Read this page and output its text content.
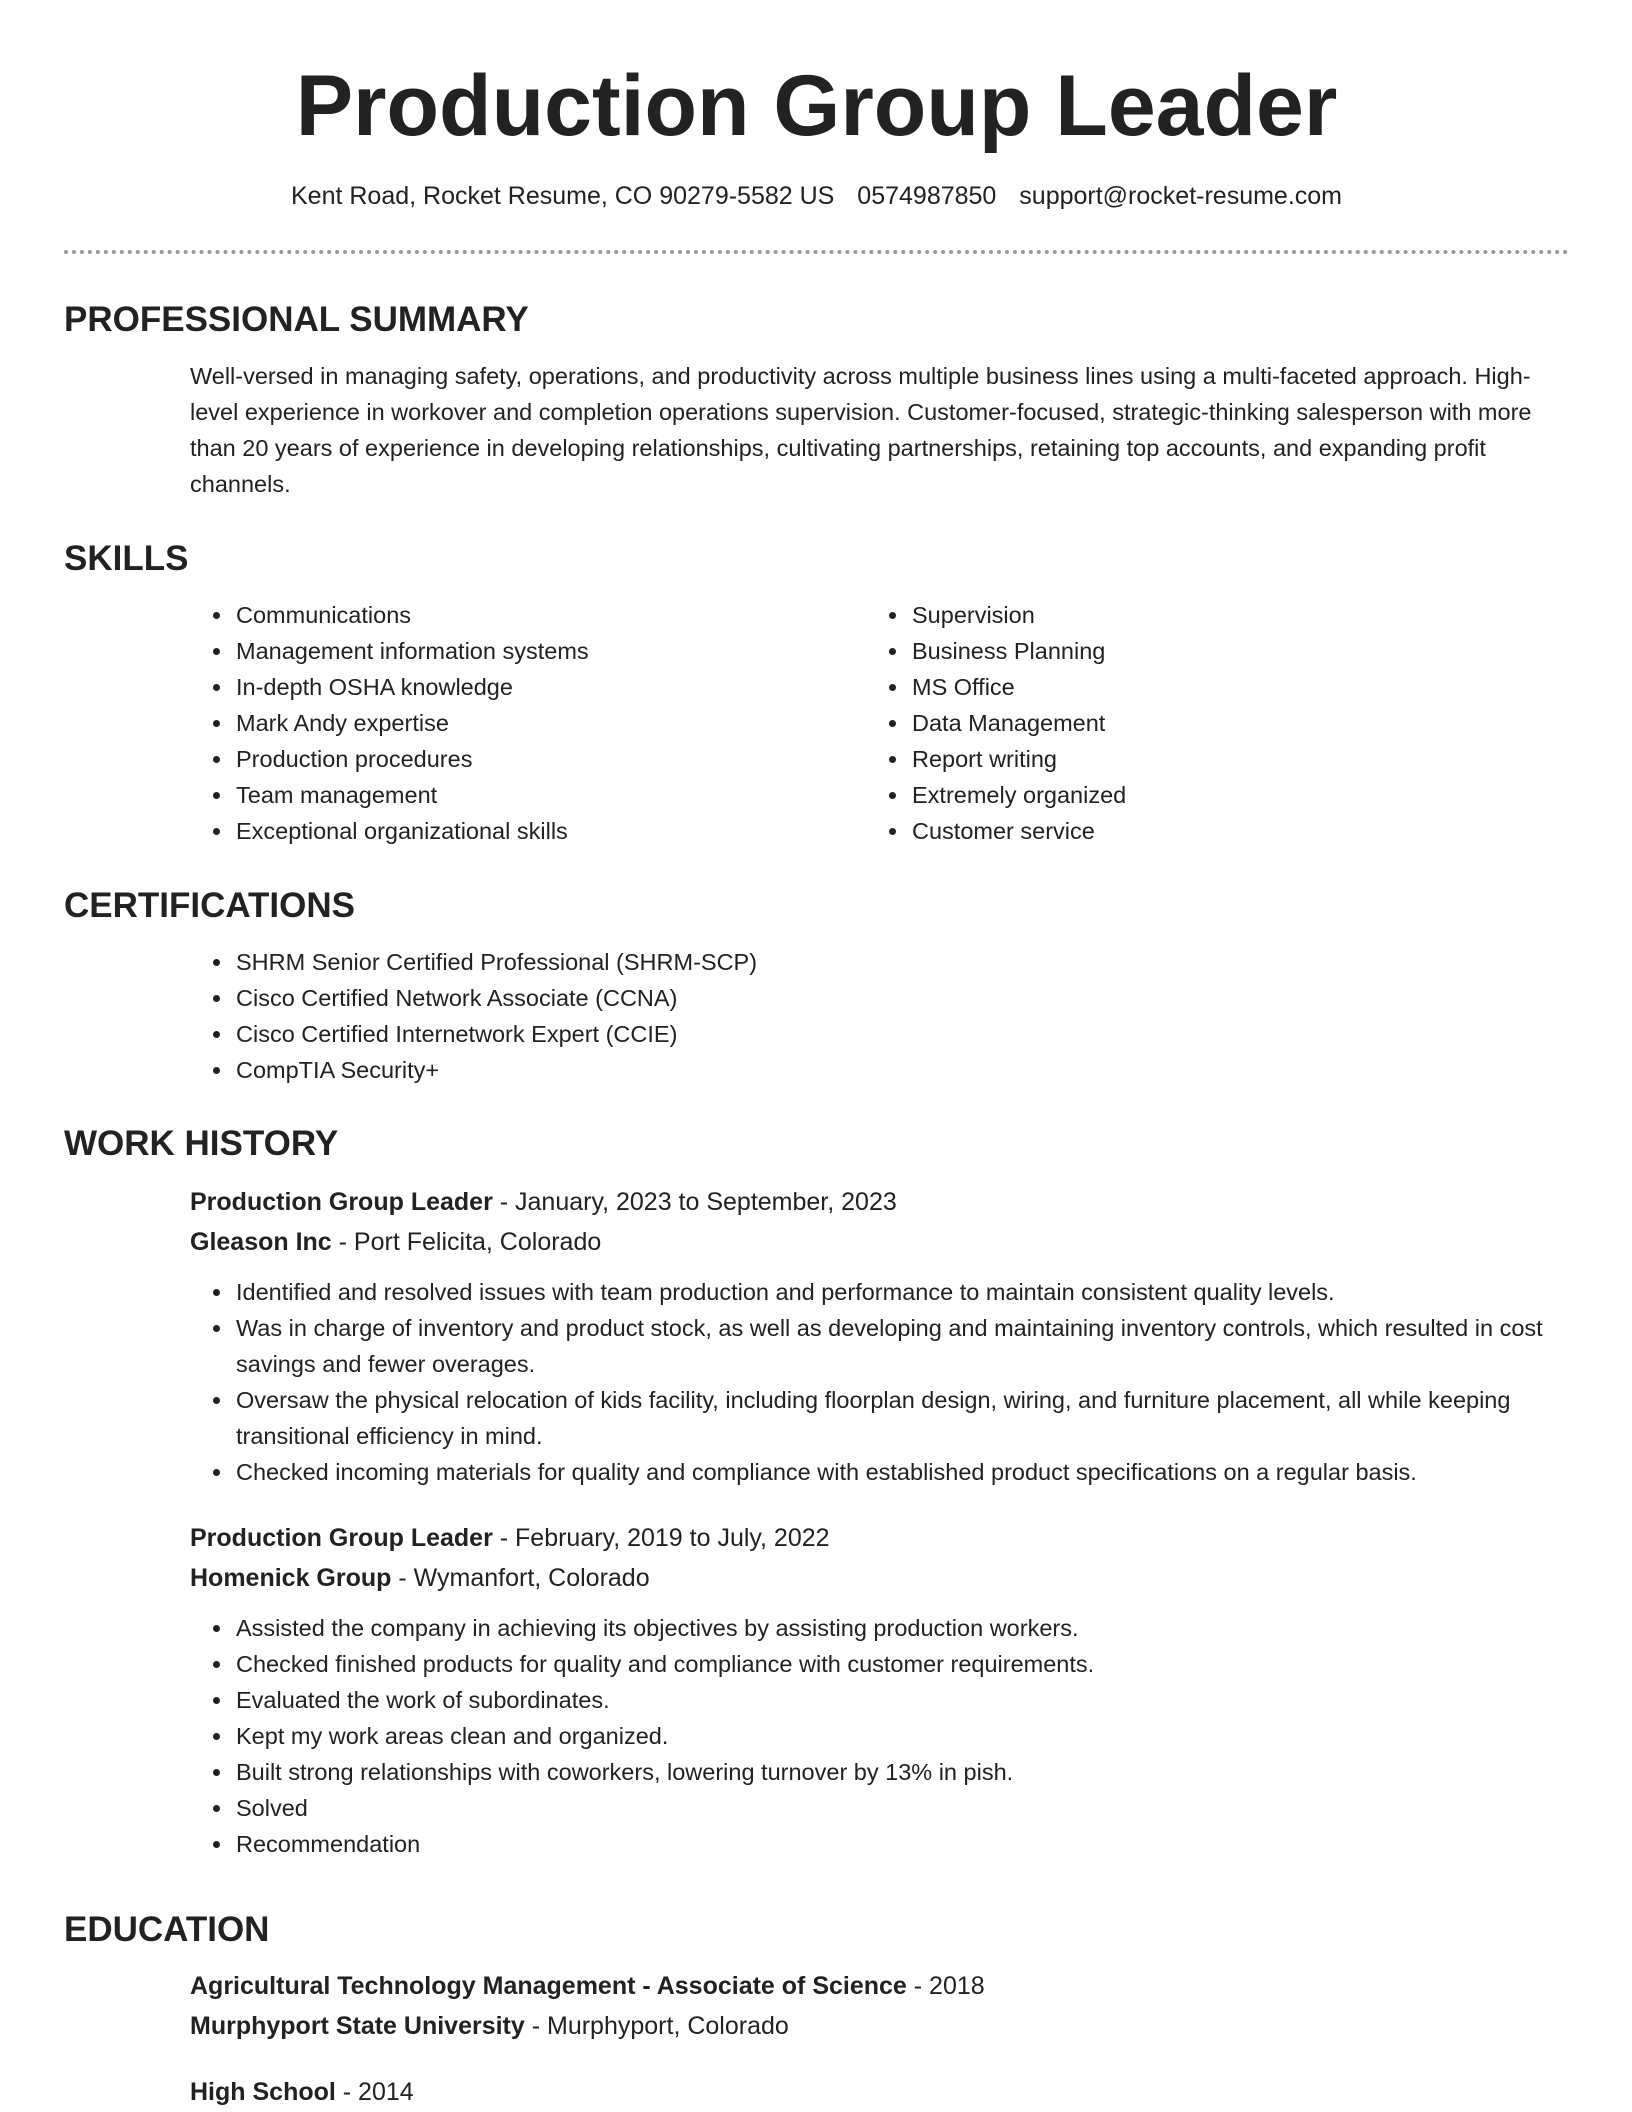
Production Group Leader
Kent Road, Rocket Resume, CO 90279-5582 US 0574987850 support@rocket-resume.com
PROFESSIONAL SUMMARY
Well-versed in managing safety, operations, and productivity across multiple business lines using a multi-faceted approach. High-level experience in workover and completion operations supervision. Customer-focused, strategic-thinking salesperson with more than 20 years of experience in developing relationships, cultivating partnerships, retaining top accounts, and expanding profit channels.
SKILLS
• Communications
• Management information systems
• In-depth OSHA knowledge
• Mark Andy expertise
• Production procedures
• Team management
• Exceptional organizational skills
• Supervision
• Business Planning
• MS Office
• Data Management
• Report writing
• Extremely organized
• Customer service
CERTIFICATIONS
• SHRM Senior Certified Professional (SHRM-SCP)
• Cisco Certified Network Associate (CCNA)
• Cisco Certified Internetwork Expert (CCIE)
• CompTIA Security+
WORK HISTORY
Production Group Leader - January, 2023 to September, 2023
Gleason Inc - Port Felicita, Colorado
• Identified and resolved issues with team production and performance to maintain consistent quality levels.
• Was in charge of inventory and product stock, as well as developing and maintaining inventory controls, which resulted in cost savings and fewer overages.
• Oversaw the physical relocation of kids facility, including floorplan design, wiring, and furniture placement, all while keeping transitional efficiency in mind.
• Checked incoming materials for quality and compliance with established product specifications on a regular basis.
Production Group Leader - February, 2019 to July, 2022
Homenick Group - Wymanfort, Colorado
• Assisted the company in achieving its objectives by assisting production workers.
• Checked finished products for quality and compliance with customer requirements.
• Evaluated the work of subordinates.
• Kept my work areas clean and organized.
• Built strong relationships with coworkers, lowering turnover by 13% in pish.
• Solved
• Recommendation
EDUCATION
Agricultural Technology Management - Associate of Science - 2018
Murphyport State University - Murphyport, Colorado
High School - 2014
